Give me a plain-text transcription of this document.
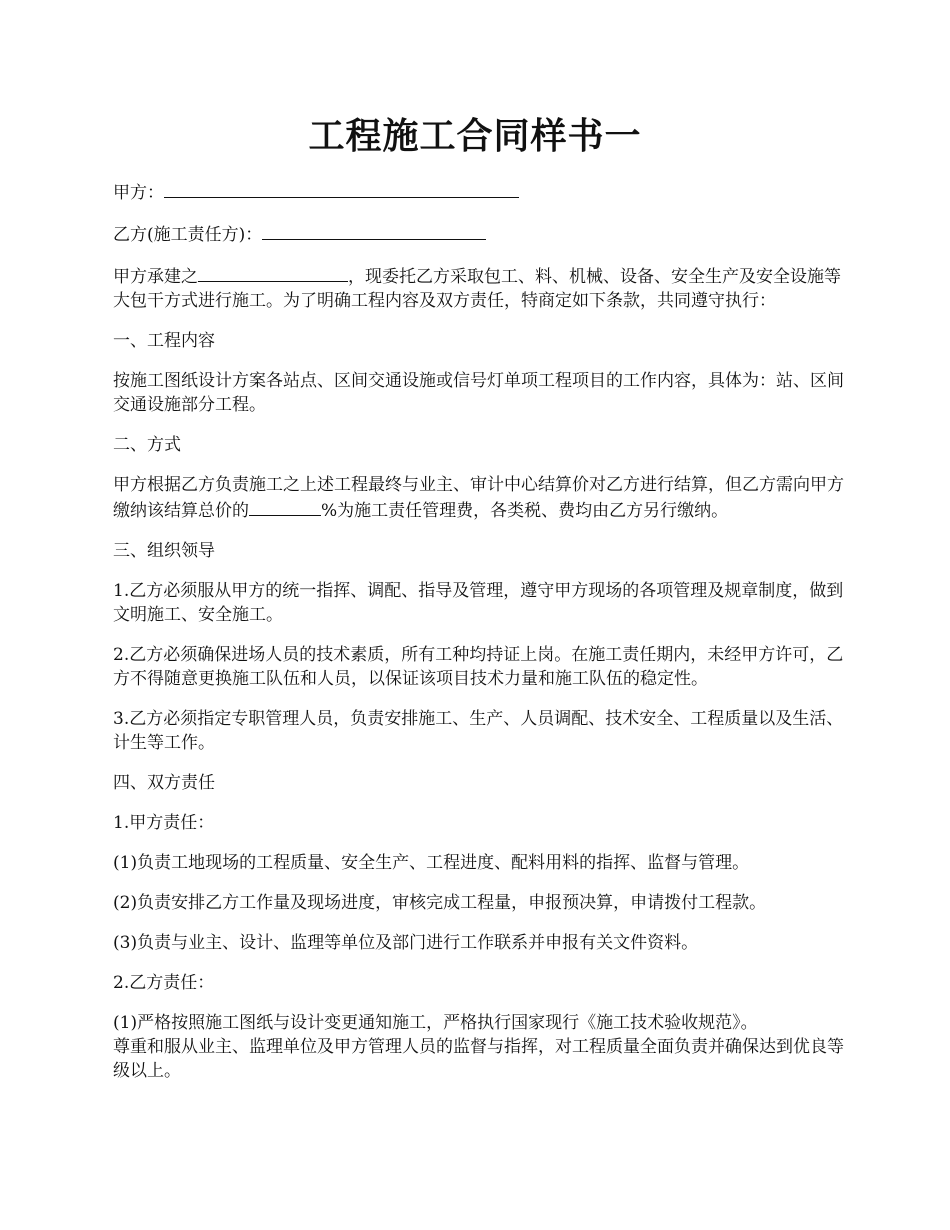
工程施工合同样书一

甲方：

乙方(施工责任方)：

甲方承建之	，现委托乙方采取包工、料、机械、设备、安全生产及安全设施等大包干方式进行施工。为了明确工程内容及双方责任，特商定如下条款，共同遵守执行：

一、工程内容

按施工图纸设计方案各站点、区间交通设施或信号灯单项工程项目的工作内容，具体为：站、区间交通设施部分工程。

二、方式

甲方根据乙方负责施工之上述工程最终与业主、审计中心结算价对乙方进行结算，但乙方需向甲方缴纳该结算总价的	%为施工责任管理费，各类税、费均由乙方另行缴纳。

三、组织领导

1.乙方必须服从甲方的统一指挥、调配、指导及管理，遵守甲方现场的各项管理及规章制度，做到文明施工、安全施工。

2.乙方必须确保进场人员的技术素质，所有工种均持证上岗。在施工责任期内，未经甲方许可，乙方不得随意更换施工队伍和人员，以保证该项目技术力量和施工队伍的稳定性。

3.乙方必须指定专职管理人员，负责安排施工、生产、人员调配、技术安全、工程质量以及生活、计生等工作。

四、双方责任

1.甲方责任：

(1)负责工地现场的工程质量、安全生产、工程进度、配料用料的指挥、监督与管理。

(2)负责安排乙方工作量及现场进度，审核完成工程量，申报预决算，申请拨付工程款。

(3)负责与业主、设计、监理等单位及部门进行工作联系并申报有关文件资料。

2.乙方责任：

(1)严格按照施工图纸与设计变更通知施工，严格执行国家现行《施工技术验收规范》。
尊重和服从业主、监理单位及甲方管理人员的监督与指挥，对工程质量全面负责并确保达到优良等级以上。
